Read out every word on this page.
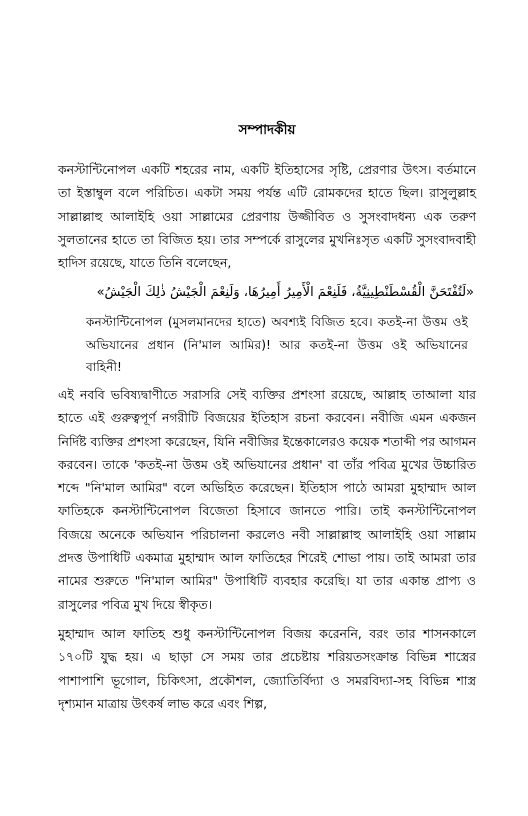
সম্পাদকীয়

কনস্টান্টিনোপল একটি শহরের নাম, একটি ইতিহাসের সৃষ্টি, প্রেরণার উৎস। বর্তমানে তা ইস্তাম্বুল বলে পরিচিত। একটা সময় পর্যন্ত এটি রোমকদের হাতে ছিল। রাসুলুল্লাহ সাল্লাল্লাহু আলাইহি ওয়া সাল্লামের প্রেরণায় উজ্জীবিত ও সুসংবাদধন্য এক তরুণ সুলতানের হাতে তা বিজিত হয়। তার সম্পর্কে রাসুলের মুখনিঃসৃত একটি সুসংবাদবাহী হাদিস রয়েছে, যাতে তিনি বলেছেন,

«لَتُفْتَحَنَّ الْقُسْطَنْطِينِيَّةُ، فَلَنِعْمَ الْأَمِيرُ أَمِيرُهَا، وَلَنِعْمَ الْجَيْشُ ذٰلِكَ الْجَيْشُ»

কনস্টান্টিনোপল (মুসলমানদের হাতে) অবশ্যই বিজিত হবে। কতই-না উত্তম ওই অভিযানের প্রধান (নি'মাল আমির)! আর কতই-না উত্তম ওই অভিযানের বাহিনী!

এই নববি ভবিষ্যদ্বাণীতে সরাসরি সেই ব্যক্তির প্রশংসা রয়েছে, আল্লাহ তাআলা যার হাতে এই গুরুত্বপূর্ণ নগরীটি বিজয়ের ইতিহাস রচনা করবেন। নবীজি এমন একজন নির্দিষ্ট ব্যক্তির প্রশংসা করেছেন, যিনি নবীজির ইন্তেকালেরও কয়েক শতাব্দী পর আগমন করবেন। তাকে 'কতই-না উত্তম ওই অভিযানের প্রধান' বা তাঁর পবিত্র মুখের উচ্চারিত শব্দে "নি'মাল আমির" বলে অভিহিত করেছেন। ইতিহাস পাঠে আমরা মুহাম্মাদ আল ফাতিহকে কনস্টান্টিনোপল বিজেতা হিসাবে জানতে পারি। তাই কনস্টান্টিনোপল বিজয়ে অনেকে অভিযান পরিচালনা করলেও নবী সাল্লাল্লাহু আলাইহি ওয়া সাল্লাম প্রদত্ত উপাধিটি একমাত্র মুহাম্মাদ আল ফাতিহের শিরেই শোভা পায়। তাই আমরা তার নামের শুরুতে "নি'মাল আমির" উপাধিটি ব্যবহার করেছি। যা তার একান্ত প্রাপ্য ও রাসুলের পবিত্র মুখ দিয়ে স্বীকৃত।

মুহাম্মাদ আল ফাতিহ শুধু কনস্টান্টিনোপল বিজয় করেননি, বরং তার শাসনকালে ১৭০টি যুদ্ধ হয়। এ ছাড়া সে সময় তার প্রচেষ্টায় শরিয়তসংক্রান্ত বিভিন্ন শাস্ত্রের পাশাপাশি ভূগোল, চিকিৎসা, প্রকৌশল, জ্যোতির্বিদ্যা ও সমরবিদ্যা-সহ বিভিন্ন শাস্ত্র দৃশ্যমান মাত্রায় উৎকর্ষ লাভ করে এবং শিল্প,
